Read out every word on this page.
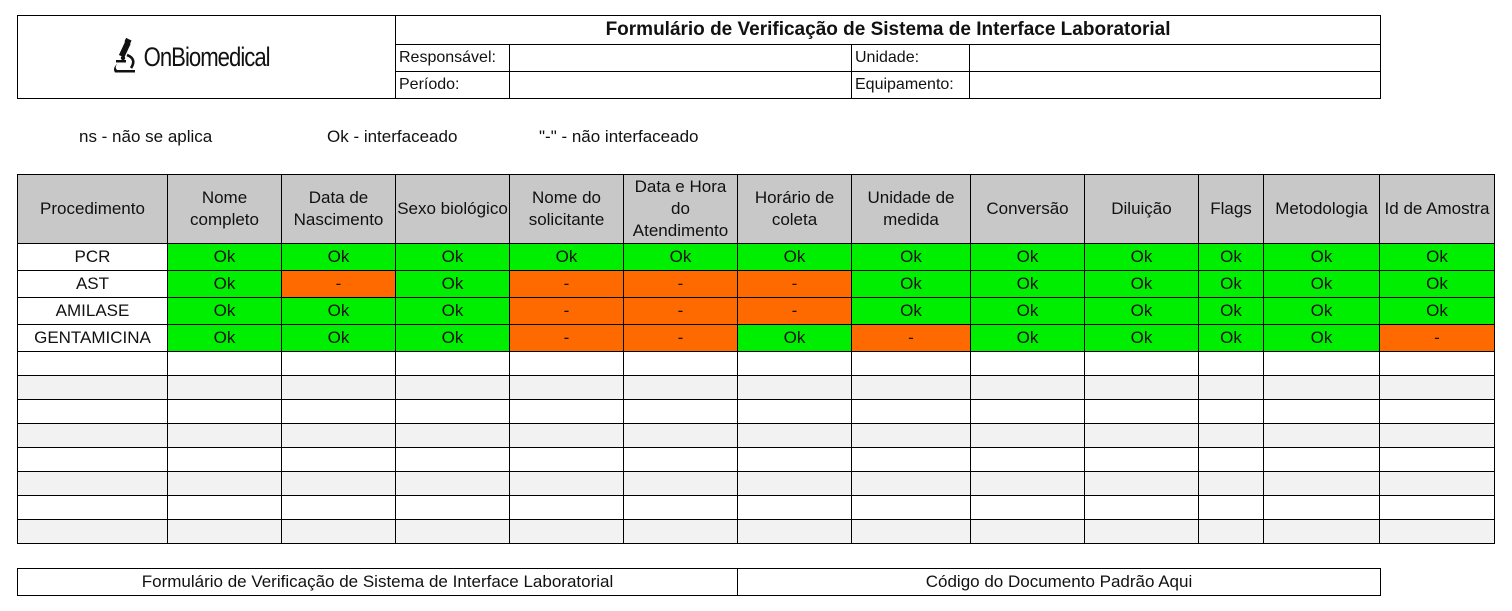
OnBiomedical	Formulário de Verificação de Sistema de Interface Laboratorial			
	Responsável:		Unidade:	
	Período:		Equipamento:	
ns - não se aplica	Ok - interfaceado	"-" - não interfaceado
Procedimento	Nome completo	Data de Nascimento	Sexo biológico	Nome do solicitante	Data e Hora do Atendimento	Horário de coleta	Unidade de medida	Conversão	Diluição	Flags	Metodologia	Id de Amostra
PCR	Ok	Ok	Ok	Ok	Ok	Ok	Ok	Ok	Ok	Ok	Ok	Ok
AST	Ok	-	Ok	-	-	-	Ok	Ok	Ok	Ok	Ok	Ok
AMILASE	Ok	Ok	Ok	-	-	-	Ok	Ok	Ok	Ok	Ok	Ok
GENTAMICINA	Ok	Ok	Ok	-	-	Ok	-	Ok	Ok	Ok	Ok	-

Formulário de Verificação de Sistema de Interface Laboratorial	Código do Documento Padrão Aqui
